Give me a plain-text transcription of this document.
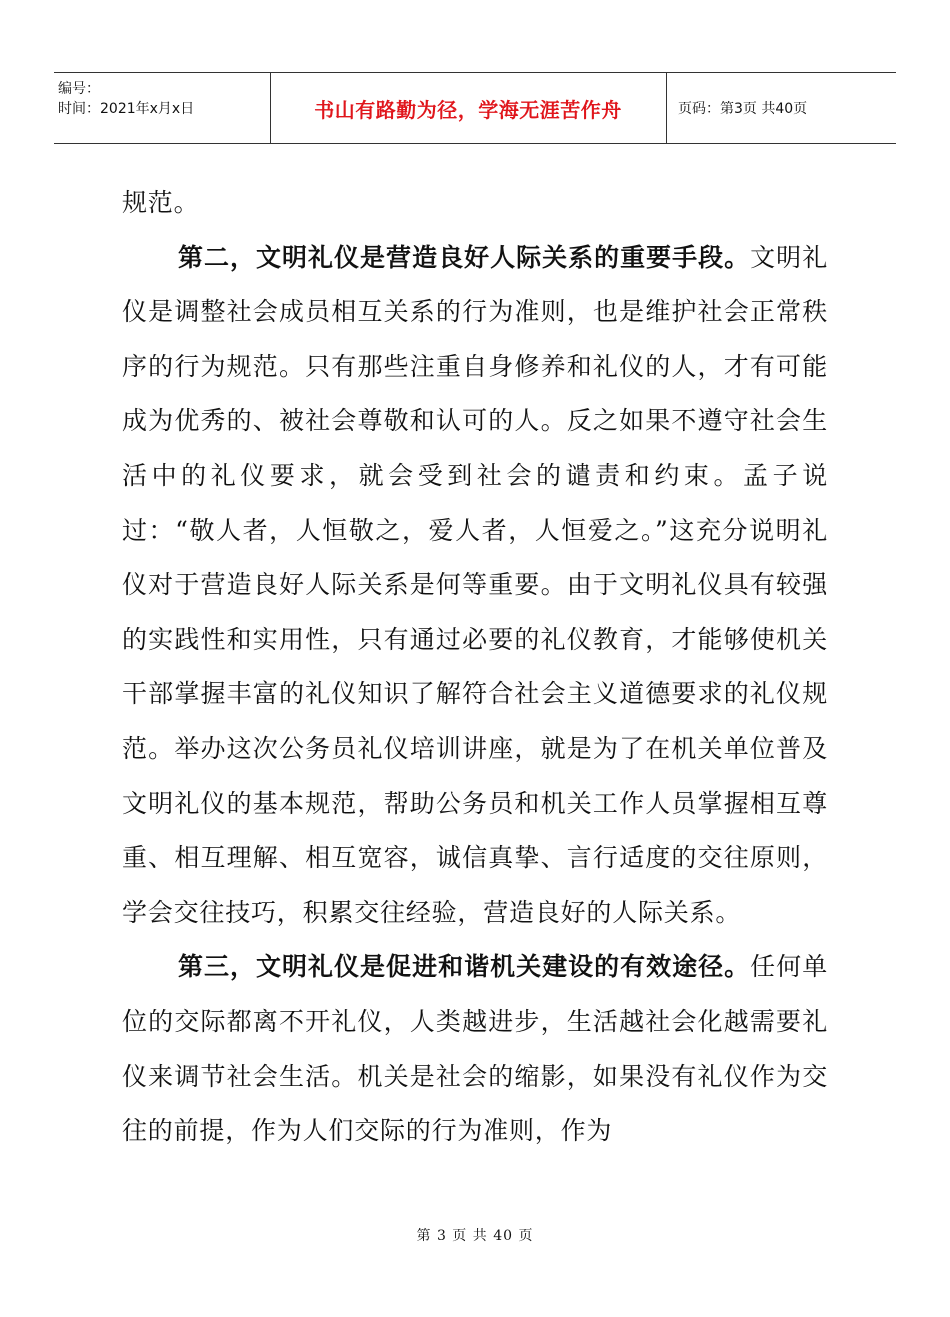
编号：
时间：2021年x月x日	书山有路勤为径，学海无涯苦作舟	页码：第3页 共40页

规范。

第二，文明礼仪是营造良好人际关系的重要手段。文明礼仪是调整社会成员相互关系的行为准则，也是维护社会正常秩序的行为规范。只有那些注重自身修养和礼仪的人，才有可能成为优秀的、被社会尊敬和认可的人。反之如果不遵守社会生活中的礼仪要求，就会受到社会的谴责和约束。孟子说过：“敬人者，人恒敬之，爱人者，人恒爱之。”这充分说明礼仪对于营造良好人际关系是何等重要。由于文明礼仪具有较强的实践性和实用性，只有通过必要的礼仪教育，才能够使机关干部掌握丰富的礼仪知识了解符合社会主义道德要求的礼仪规范。举办这次公务员礼仪培训讲座，就是为了在机关单位普及文明礼仪的基本规范，帮助公务员和机关工作人员掌握相互尊重、相互理解、相互宽容，诚信真挚、言行适度的交往原则，学会交往技巧，积累交往经验，营造良好的人际关系。

第三，文明礼仪是促进和谐机关建设的有效途径。任何单位的交际都离不开礼仪，人类越进步，生活越社会化越需要礼仪来调节社会生活。机关是社会的缩影，如果没有礼仪作为交往的前提，作为人们交际的行为准则，作为

第 3 页 共 40 页
